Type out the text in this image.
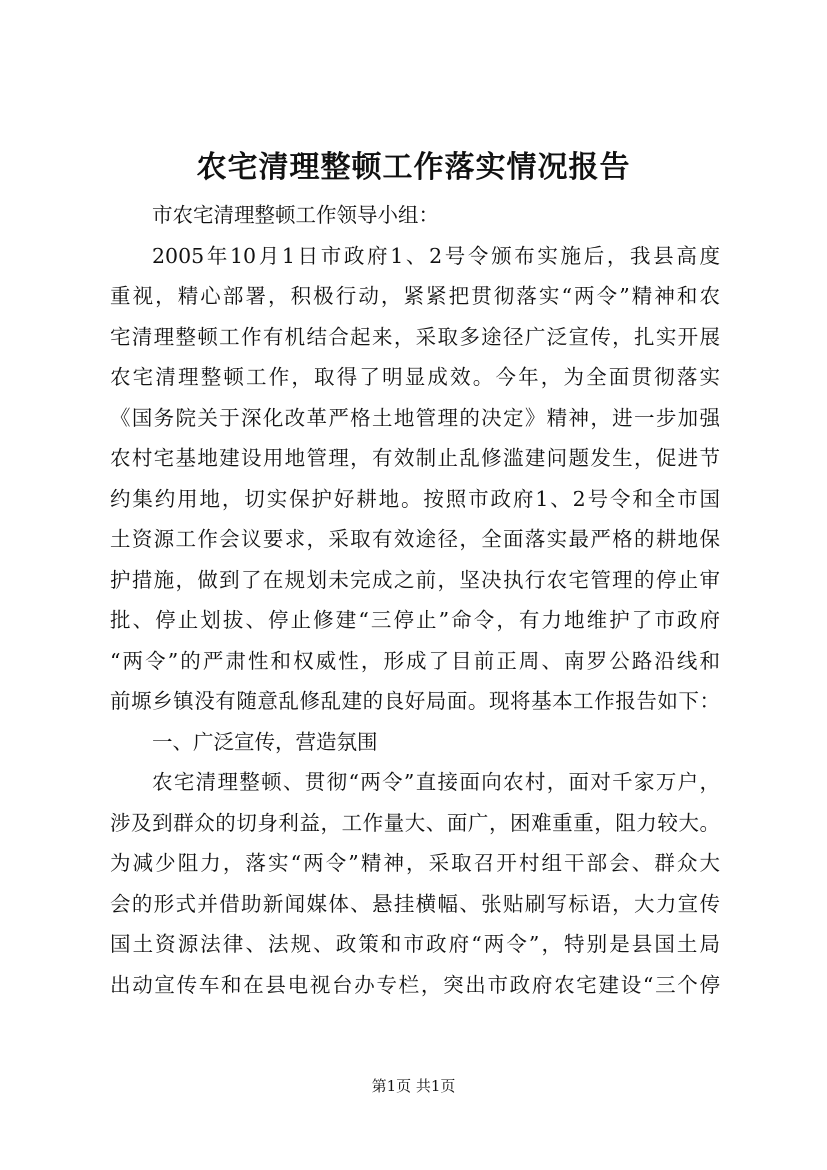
农宅清理整顿工作落实情况报告
市农宅清理整顿工作领导小组：
2005年10月1日市政府1、2号令颁布实施后，我县高度
重视，精心部署，积极行动，紧紧把贯彻落实“两令”精神和农
宅清理整顿工作有机结合起来，采取多途径广泛宣传，扎实开展
农宅清理整顿工作，取得了明显成效。今年，为全面贯彻落实
《国务院关于深化改革严格土地管理的决定》精神，进一步加强
农村宅基地建设用地管理，有效制止乱修滥建问题发生，促进节
约集约用地，切实保护好耕地。按照市政府1、2号令和全市国
土资源工作会议要求，采取有效途径，全面落实最严格的耕地保
护措施，做到了在规划未完成之前，坚决执行农宅管理的停止审
批、停止划拔、停止修建“三停止”命令，有力地维护了市政府
“两令”的严肃性和权威性，形成了目前正周、南罗公路沿线和
前塬乡镇没有随意乱修乱建的良好局面。现将基本工作报告如下：
一、广泛宣传，营造氛围
农宅清理整顿、贯彻“两令”直接面向农村，面对千家万户，
涉及到群众的切身利益，工作量大、面广，困难重重，阻力较大。
为减少阻力，落实“两令”精神，采取召开村组干部会、群众大
会的形式并借助新闻媒体、悬挂横幅、张贴刷写标语，大力宣传
国土资源法律、法规、政策和市政府“两令”，特别是县国土局
出动宣传车和在县电视台办专栏，突出市政府农宅建设“三个停
第1页 共1页
